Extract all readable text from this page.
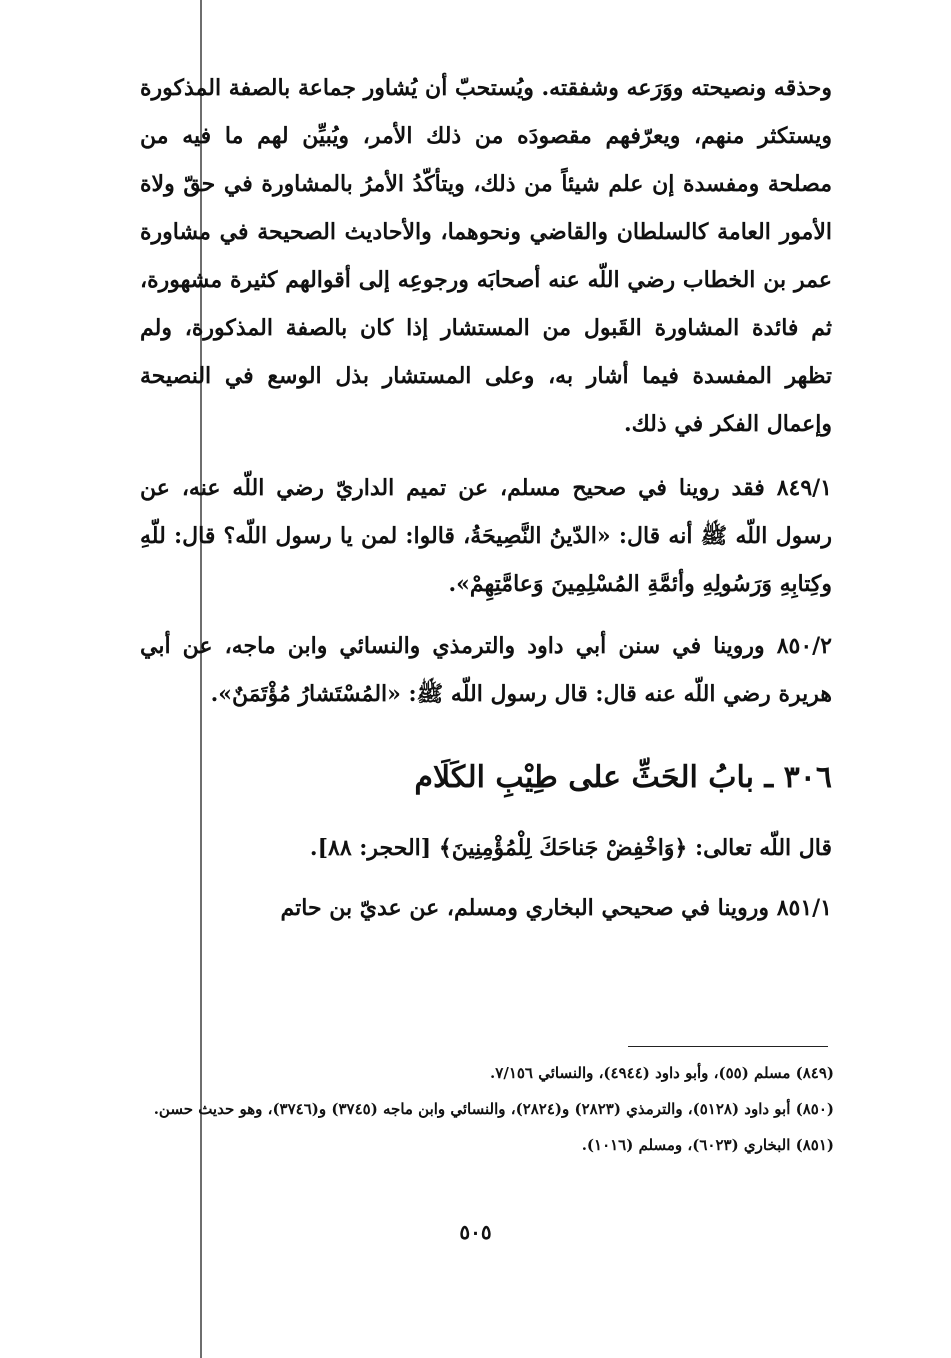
وحذقه ونصيحته ووَرَعه وشفقته. ويُستحبّ أن يُشاور جماعة بالصفة المذكورة ويستكثر منهم، ويعرّفهم مقصودَه من ذلك الأمر، ويُبيِّن لهم ما فيه من مصلحة ومفسدة إن علم شيئاً من ذلك، ويتأكّدُ الأمرُ بالمشاورة في حقّ ولاة الأمور العامة كالسلطان والقاضي ونحوهما، والأحاديث الصحيحة في مشاورة عمر بن الخطاب رضي اللّه عنه أصحابَه ورجوعِه إلى أقوالهم كثيرة مشهورة، ثم فائدة المشاورة القَبول من المستشار إذا كان بالصفة المذكورة، ولم تظهر المفسدة فيما أشار به، وعلى المستشار بذل الوسع في النصيحة وإعمال الفكر في ذلك.

٨٤٩/١ فقد روينا في صحيح مسلم، عن تميم الداريّ رضي اللّه عنه، عن رسول اللّه ﷺ أنه قال: «الدّينُ النَّصِيحَةُ، قالوا: لمن يا رسول اللّه؟ قال: للّهِ وكِتابِهِ وَرَسُولِهِ وأئمَّةِ المُسْلِمِينَ وَعامَّتِهِمْ».

٨٥٠/٢ وروينا في سنن أبي داود والترمذي والنسائي وابن ماجه، عن أبي هريرة رضي اللّه عنه قال: قال رسول اللّه ﷺ: «المُسْتَشارُ مُؤْتَمَنٌ».

٣٠٦ ـ بابُ الحَثِّ على طِيْبِ الكَلَام

قال اللّه تعالى: ﴿وَاخْفِضْ جَناحَكَ لِلْمُؤْمِنِينَ﴾ [الحجر: ٨٨].

٨٥١/١ وروينا في صحيحي البخاري ومسلم، عن عديّ بن حاتم

(٨٤٩) مسلم (٥٥)، وأبو داود (٤٩٤٤)، والنسائي ٧/١٥٦.

(٨٥٠) أبو داود (٥١٢٨)، والترمذي (٢٨٢٣) و(٢٨٢٤)، والنسائي وابن ماجه (٣٧٤٥) و(٣٧٤٦)، وهو حديث حسن.

(٨٥١) البخاري (٦٠٢٣)، ومسلم (١٠١٦).

٥٠٥
